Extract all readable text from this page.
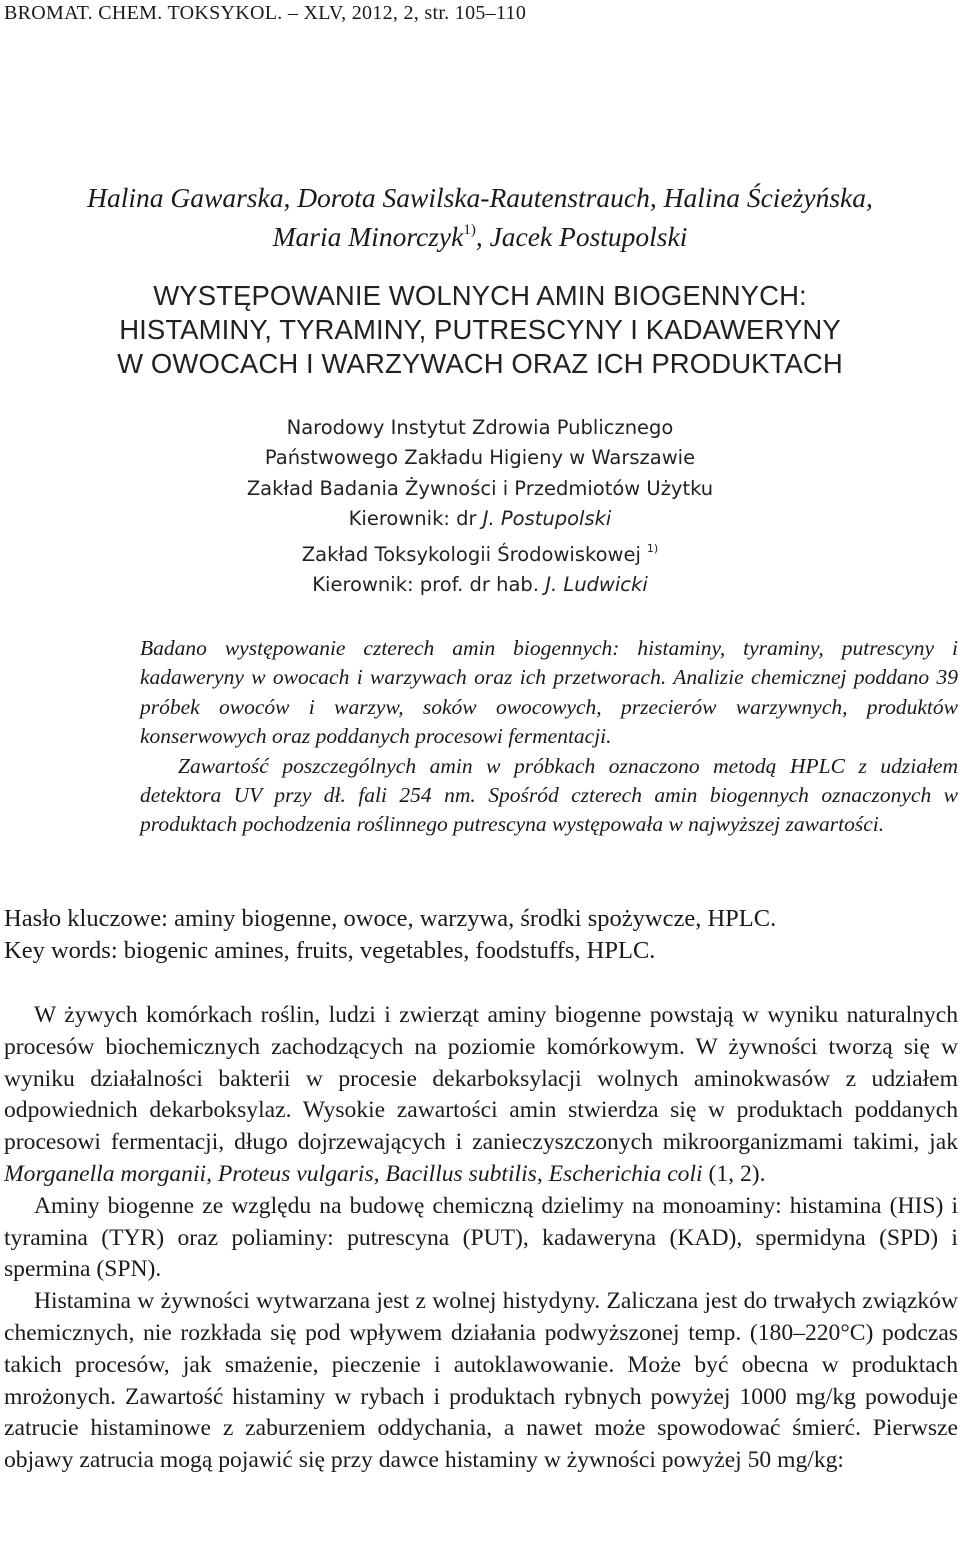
BROMAT. CHEM. TOKSYKOL. – XLV, 2012, 2, str. 105–110
Halina Gawarska, Dorota Sawilska-Rautenstrauch, Halina Ścieżyńska,
Maria Minorczyk$^{1)}$, Jacek Postupolski
WYSTĘPOWANIE WOLNYCH AMIN BIOGENNYCH:
HISTAMINY, TYRAMINY, PUTRESCYNY I KADAWERYNY
W OWOCACH I WARZYWACH ORAZ ICH PRODUKTACH
Narodowy Instytut Zdrowia Publicznego
Państwowego Zakładu Higieny w Warszawie
Zakład Badania Żywności i Przedmiotów Użytku
Kierownik: dr J. Postupolski
Zakład Toksykologii Środowiskowej $^{1)}$
Kierownik: prof. dr hab. J. Ludwicki

Badano występowanie czterech amin biogennych: histaminy, tyraminy, putrescyny i kadaweryny w owocach i warzywach oraz ich przetworach. Analizie chemicznej poddano 39 próbek owoców i warzyw, soków owocowych, przecierów warzywnych, produktów konserwowych oraz poddanych procesowi fermentacji.

Zawartość poszczególnych amin w próbkach oznaczono metodą HPLC z udziałem detektora UV przy dł. fali 254 nm. Spośród czterech amin biogennych oznaczonych w produktach pochodzenia roślinnego putrescyna występowała w najwyższej zawartości.

Hasło kluczowe: aminy biogenne, owoce, warzywa, środki spożywcze, HPLC.
Key words: biogenic amines, fruits, vegetables, foodstuffs, HPLC.

W żywych komórkach roślin, ludzi i zwierząt aminy biogenne powstają w wyniku naturalnych procesów biochemicznych zachodzących na poziomie komórkowym. W żywności tworzą się w wyniku działalności bakterii w procesie dekarboksylacji wolnych aminokwasów z udziałem odpowiednich dekarboksylaz. Wysokie zawartości amin stwierdza się w produktach poddanych procesowi fermentacji, długo dojrzewających i zanieczyszczonych mikroorganizmami takimi, jak Morganella morganii, Proteus vulgaris, Bacillus subtilis, Escherichia coli (1, 2).

Aminy biogenne ze względu na budowę chemiczną dzielimy na monoaminy: histamina (HIS) i tyramina (TYR) oraz poliaminy: putrescyna (PUT), kadaweryna (KAD), spermidyna (SPD) i spermina (SPN).

Histamina w żywności wytwarzana jest z wolnej histydyny. Zaliczana jest do trwałych związków chemicznych, nie rozkłada się pod wpływem działania podwyższonej temp. (180–220°C) podczas takich procesów, jak smażenie, pieczenie i autoklawowanie. Może być obecna w produktach mrożonych. Zawartość histaminy w rybach i produktach rybnych powyżej 1000 mg/kg powoduje zatrucie histaminowe z zaburzeniem oddychania, a nawet może spowodować śmierć. Pierwsze objawy zatrucia mogą pojawić się przy dawce histaminy w żywności powyżej 50 mg/kg:
